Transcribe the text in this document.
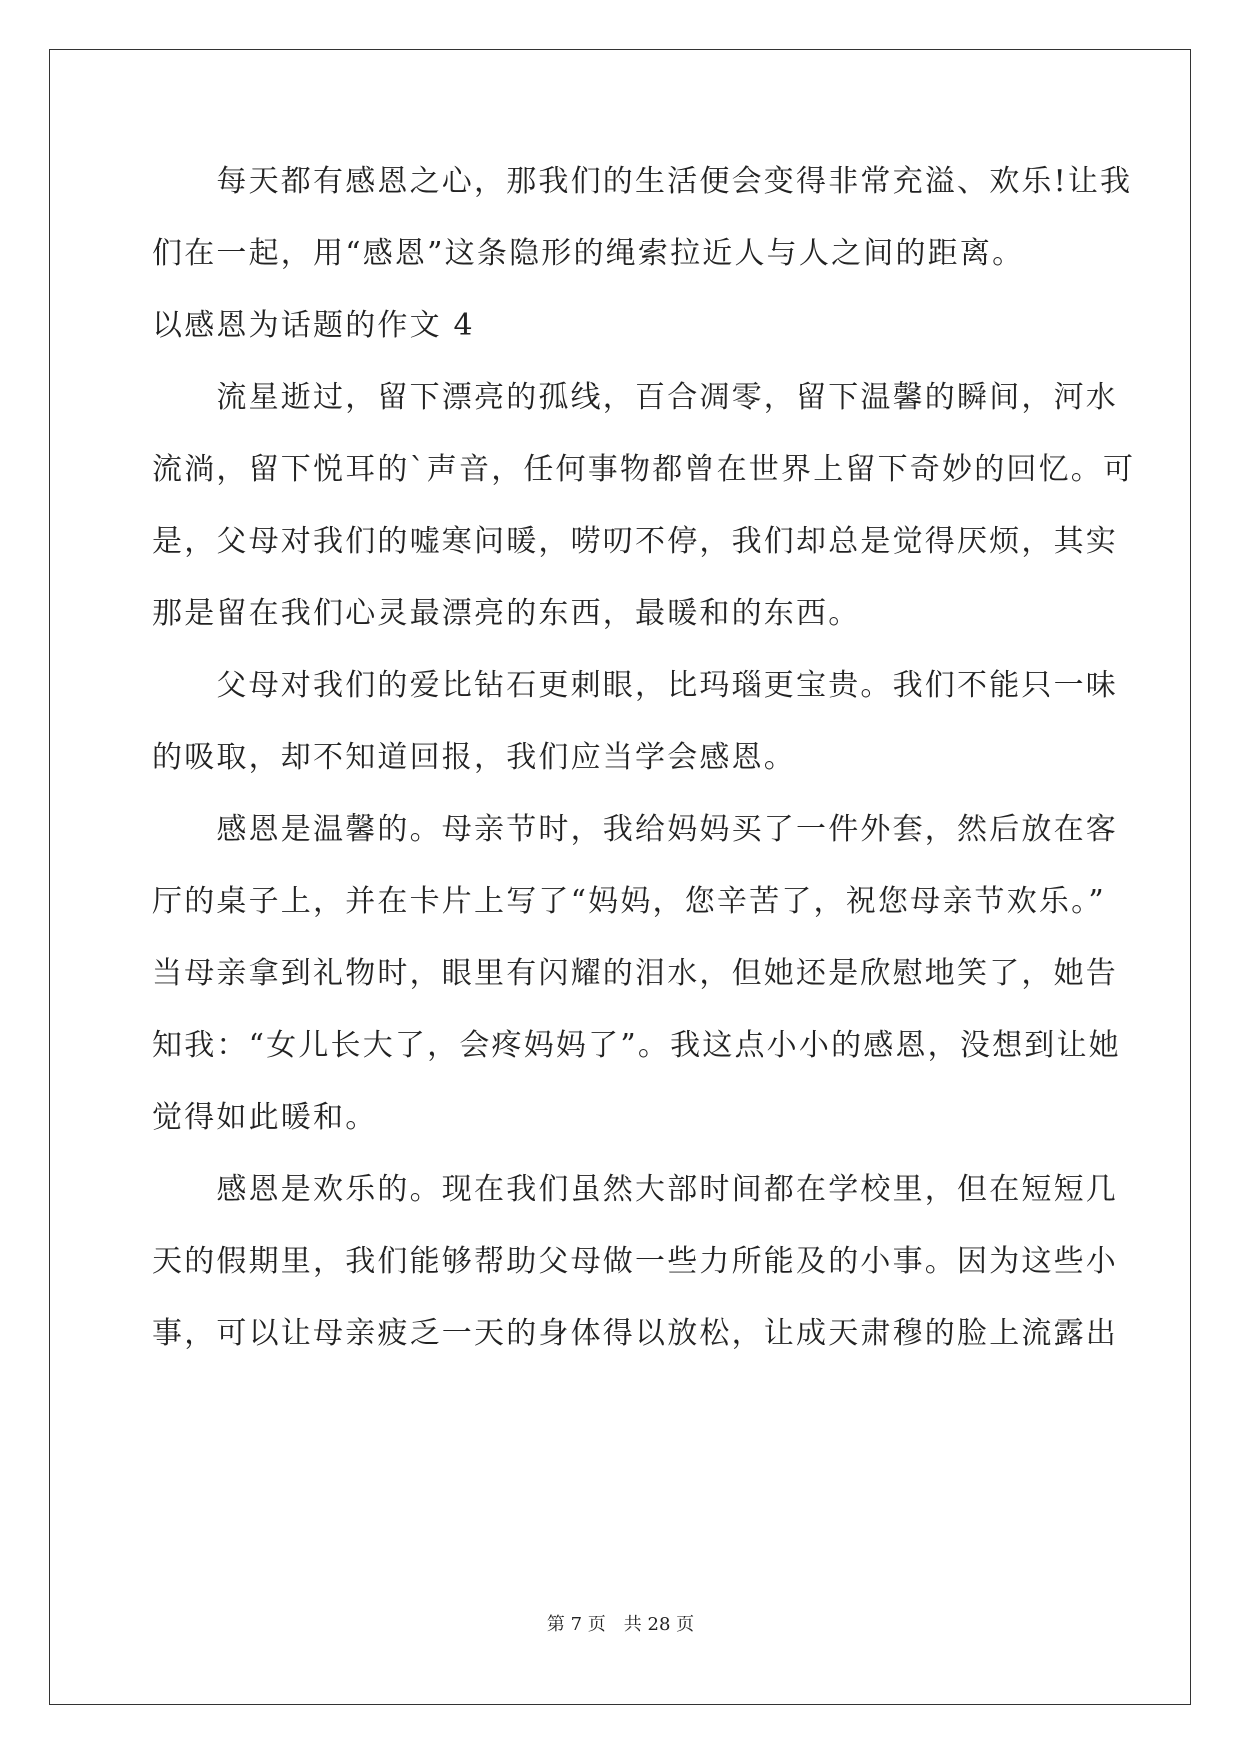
　　每天都有感恩之心，那我们的生活便会变得非常充溢、欢乐!让我
们在一起，用“感恩”这条隐形的绳索拉近人与人之间的距离。
以感恩为话题的作文 4
　　流星逝过，留下漂亮的孤线，百合凋零，留下温馨的瞬间，河水
流淌，留下悦耳的`声音，任何事物都曾在世界上留下奇妙的回忆。可
是，父母对我们的嘘寒问暖，唠叨不停，我们却总是觉得厌烦，其实
那是留在我们心灵最漂亮的东西，最暖和的东西。
　　父母对我们的爱比钻石更刺眼，比玛瑙更宝贵。我们不能只一味
的吸取，却不知道回报，我们应当学会感恩。
　　感恩是温馨的。母亲节时，我给妈妈买了一件外套，然后放在客
厅的桌子上，并在卡片上写了“妈妈，您辛苦了，祝您母亲节欢乐。”
当母亲拿到礼物时，眼里有闪耀的泪水，但她还是欣慰地笑了，她告
知我：“女儿长大了，会疼妈妈了”。我这点小小的感恩，没想到让她
觉得如此暖和。
　　感恩是欢乐的。现在我们虽然大部时间都在学校里，但在短短几
天的假期里，我们能够帮助父母做一些力所能及的小事。因为这些小
事，可以让母亲疲乏一天的身体得以放松，让成天肃穆的脸上流露出
第 7 页　共 28 页
